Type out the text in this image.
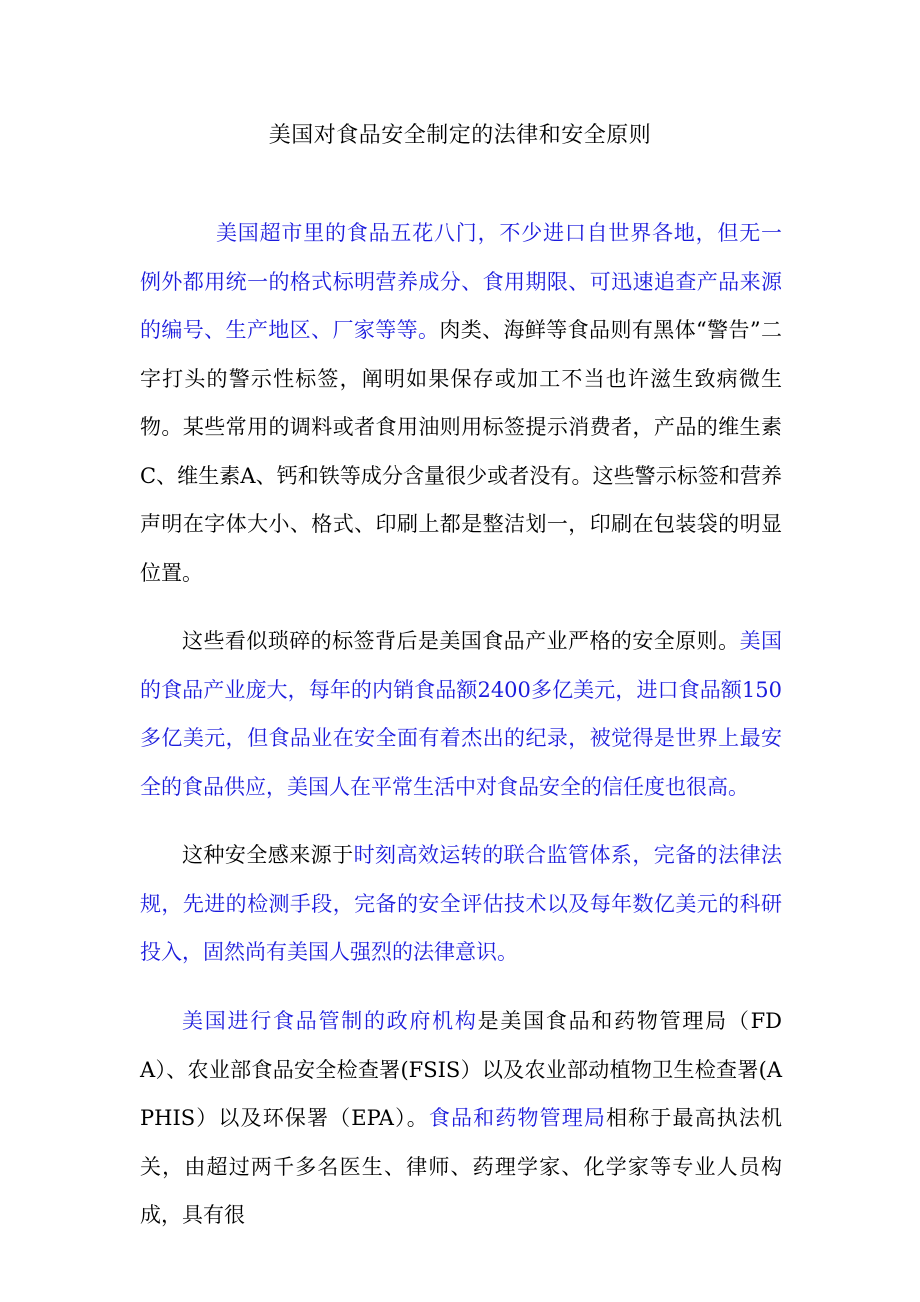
美国对食品安全制定的法律和安全原则

美国超市里的食品五花八门，不少进口自世界各地，但无一例外都用统一的格式标明营养成分、食用期限、可迅速追查产品来源的编号、生产地区、厂家等等。肉类、海鲜等食品则有黑体“警告”二字打头的警示性标签，阐明如果保存或加工不当也许滋生致病微生物。某些常用的调料或者食用油则用标签提示消费者，产品的维生素C、维生素A、钙和铁等成分含量很少或者没有。这些警示标签和营养声明在字体大小、格式、印刷上都是整洁划一，印刷在包装袋的明显位置。

这些看似琐碎的标签背后是美国食品产业严格的安全原则。美国的食品产业庞大，每年的内销食品额2400多亿美元，进口食品额150多亿美元，但食品业在安全面有着杰出的纪录，被觉得是世界上最安全的食品供应，美国人在平常生活中对食品安全的信任度也很高。

这种安全感来源于时刻高效运转的联合监管体系，完备的法律法规，先进的检测手段，完备的安全评估技术以及每年数亿美元的科研投入，固然尚有美国人强烈的法律意识。

美国进行食品管制的政府机构是美国食品和药物管理局（FDA）、农业部食品安全检查署(FSIS）以及农业部动植物卫生检查署(APHIS）以及环保署（EPA）。食品和药物管理局相称于最高执法机关，由超过两千多名医生、律师、药理学家、化学家等专业人员构成，具有很
